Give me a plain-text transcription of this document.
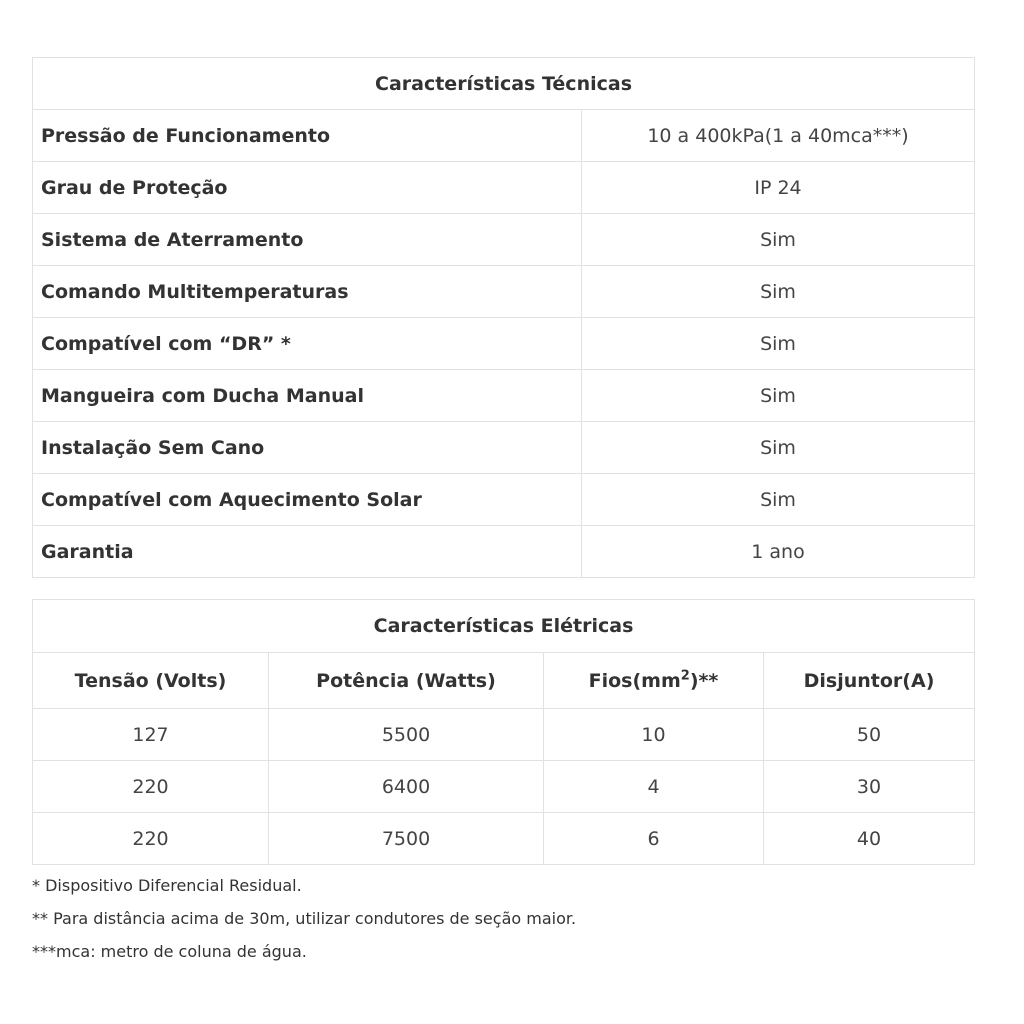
Características Técnicas	
Pressão de Funcionamento	10 a 400kPa(1 a 40mca***)
Grau de Proteção	IP 24
Sistema de Aterramento	Sim
Comando Multitemperaturas	Sim
Compatível com “DR” *	Sim
Mangueira com Ducha Manual	Sim
Instalação Sem Cano	Sim
Compatível com Aquecimento Solar	Sim
Garantia	1 ano
Características Elétricas			
Tensão (Volts)	Potência (Watts)	$Fios(mm^2)**$	Disjuntor(A)
127	5500	10	50
220	6400	4	30
220	7500	6	40
* Dispositivo Diferencial Residual.
** Para distância acima de 30m, utilizar condutores de seção maior.
***mca: metro de coluna de água.
